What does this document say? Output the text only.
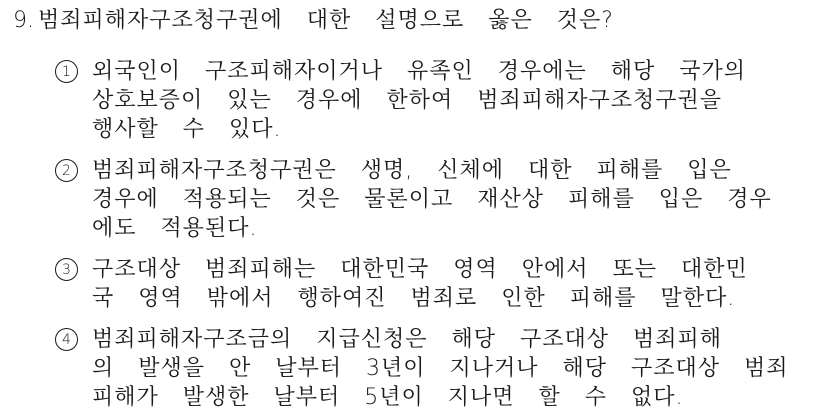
9. 범죄피해자구조청구권에 대한 설명으로 옳은 것은?
1 외국인이 구조피해자이거나 유족인 경우에는 해당 국가의
상호보증이 있는 경우에 한하여 범죄피해자구조청구권을
행사할 수 있다.
2 범죄피해자구조청구권은 생명, 신체에 대한 피해를 입은
경우에 적용되는 것은 물론이고 재산상 피해를 입은 경우
에도 적용된다.
3 구조대상 범죄피해는 대한민국 영역 안에서 또는 대한민
국 영역 밖에서 행하여진 범죄로 인한 피해를 말한다.
4 범죄피해자구조금의 지급신청은 해당 구조대상 범죄피해
의 발생을 안 날부터 3년이 지나거나 해당 구조대상 범죄
피해가 발생한 날부터 5년이 지나면 할 수 없다.
